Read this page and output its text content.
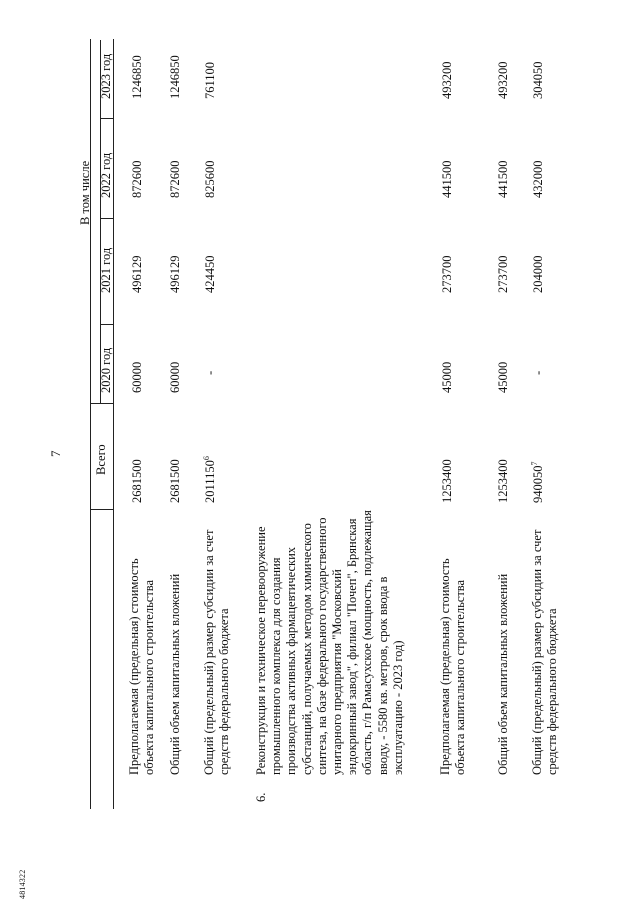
7
4814322
Всего
В том числе
2020 год
2021 год
2022 год
2023 год
Предполагаемая (предельная) стоимость объекта капитального строительства
2681500
60000
496129
872600
1246850
Общий объем капитальных вложений
2681500
60000
496129
872600
1246850
Общий (предельный) размер субсидии за счет средств федерального бюджета
2011150$^6$
-
424450
825600
761100
6.
Реконструкция и техническое перевооружение промышленного комплекса для создания производства активных фармацевтических субстанций, получаемых методом химического синтеза, на базе федерального государственного унитарного предприятия "Московский эндокринный завод", филиал "Почеп", Брянская область, г/п Рамасухское (мощность, подлежащая вводу, - 5580 кв. метров, срок ввода в эксплуатацию - 2023 год)	Предполагаемая (предельная) стоимость объекта капитального строительства
1253400
45000
273700
441500
493200
Общий объем капитальных вложений
1253400
45000
273700
441500
493200
Общий (предельный) размер субсидии за счет средств федерального бюджета
940050$^7$
-
204000
432000
304050
